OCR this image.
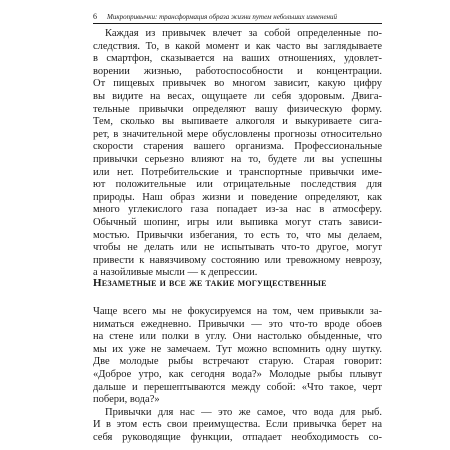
6 Микропривычки: трансформация образа жизни путем небольших изменений
Каждая из привычек влечет за собой определенные по-
следствия. То, в какой момент и как часто вы заглядываете
в смартфон, сказывается на ваших отношениях, удовлет-
ворении жизнью, работоспособности и концентрации.
От пищевых привычек во многом зависит, какую цифру
вы видите на весах, ощущаете ли себя здоровым. Двига-
тельные привычки определяют вашу физическую форму.
Тем, сколько вы выпиваете алкоголя и выкуриваете сига-
рет, в значительной мере обусловлены прогнозы относительно
скорости старения вашего организма. Профессиональные
привычки серьезно влияют на то, будете ли вы успешны
или нет. Потребительские и транспортные привычки име-
ют положительные или отрицательные последствия для
природы. Наш образ жизни и поведение определяют, как
много углекислого газа попадает из-за нас в атмосферу.
Обычный шопинг, игры или выпивка могут стать зависи-
мостью. Привычки избегания, то есть то, что мы делаем,
чтобы не делать или не испытывать что-то другое, могут
привести к навязчивому состоянию или тревожному неврозу,
а назойливые мысли — к депрессии.
Незаметные и все же такие могущественные
Чаще всего мы не фокусируемся на том, чем привыкли за-
ниматься ежедневно. Привычки — это что-то вроде обоев
на стене или полки в углу. Они настолько обыденные, что
мы их уже не замечаем. Тут можно вспомнить одну шутку.
Две молодые рыбы встречают старую. Старая говорит:
«Доброе утро, как сегодня вода?» Молодые рыбы плывут
дальше и перешептываются между собой: «Что такое, черт
побери, вода?»
Привычки для нас — это же самое, что вода для рыб.
И в этом есть свои преимущества. Если привычка берет на
себя руководящие функции, отпадает необходимость со-
